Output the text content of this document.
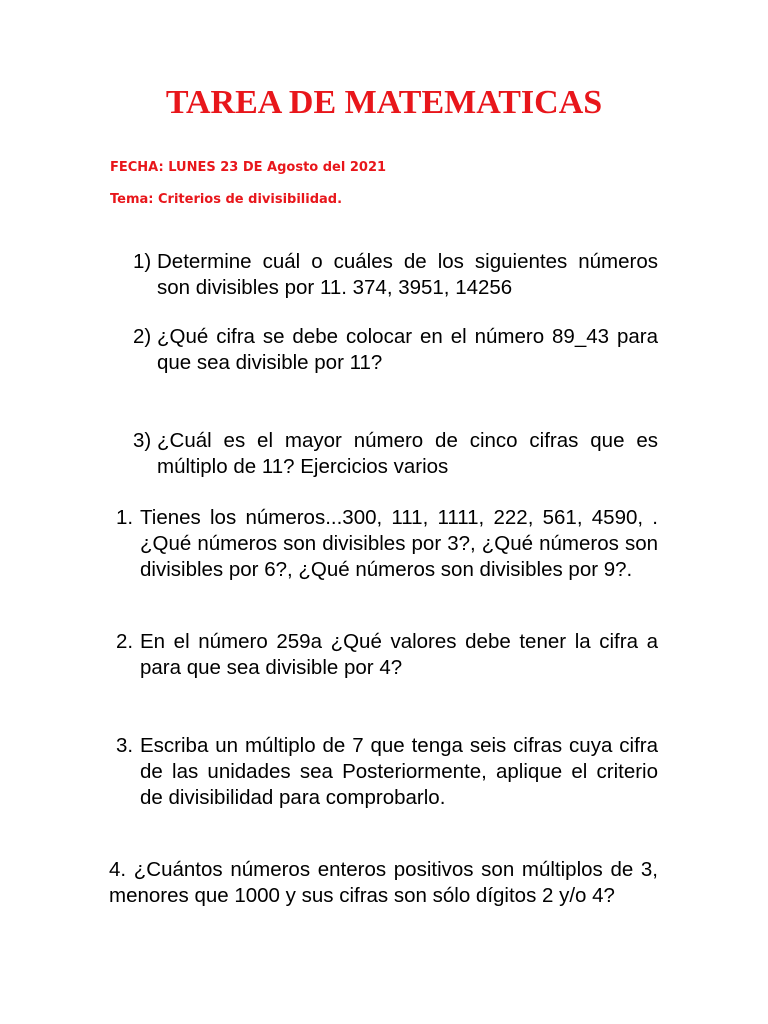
TAREA DE MATEMATICAS
FECHA: LUNES 23 DE Agosto del 2021
Tema: Criterios de divisibilidad.
1) Determine cuál o cuáles de los siguientes números son divisibles por 11. 374, 3951, 14256
2) ¿Qué cifra se debe colocar en el número 89_43 para que sea divisible por 11?
3) ¿Cuál es el mayor número de cinco cifras que es múltiplo de 11? Ejercicios varios
1. Tienes los números...300, 111, 1111, 222, 561, 4590, . ¿Qué números son divisibles por 3?, ¿Qué números son divisibles por 6?, ¿Qué números son divisibles por 9?.
2. En el número 259a ¿Qué valores debe tener la cifra a para que sea divisible por 4?
3. Escriba un múltiplo de 7 que tenga seis cifras cuya cifra de las unidades sea Posteriormente, aplique el criterio de divisibilidad para comprobarlo.
4. ¿Cuántos números enteros positivos son múltiplos de 3, menores que 1000 y sus cifras son sólo dígitos 2 y/o 4?
